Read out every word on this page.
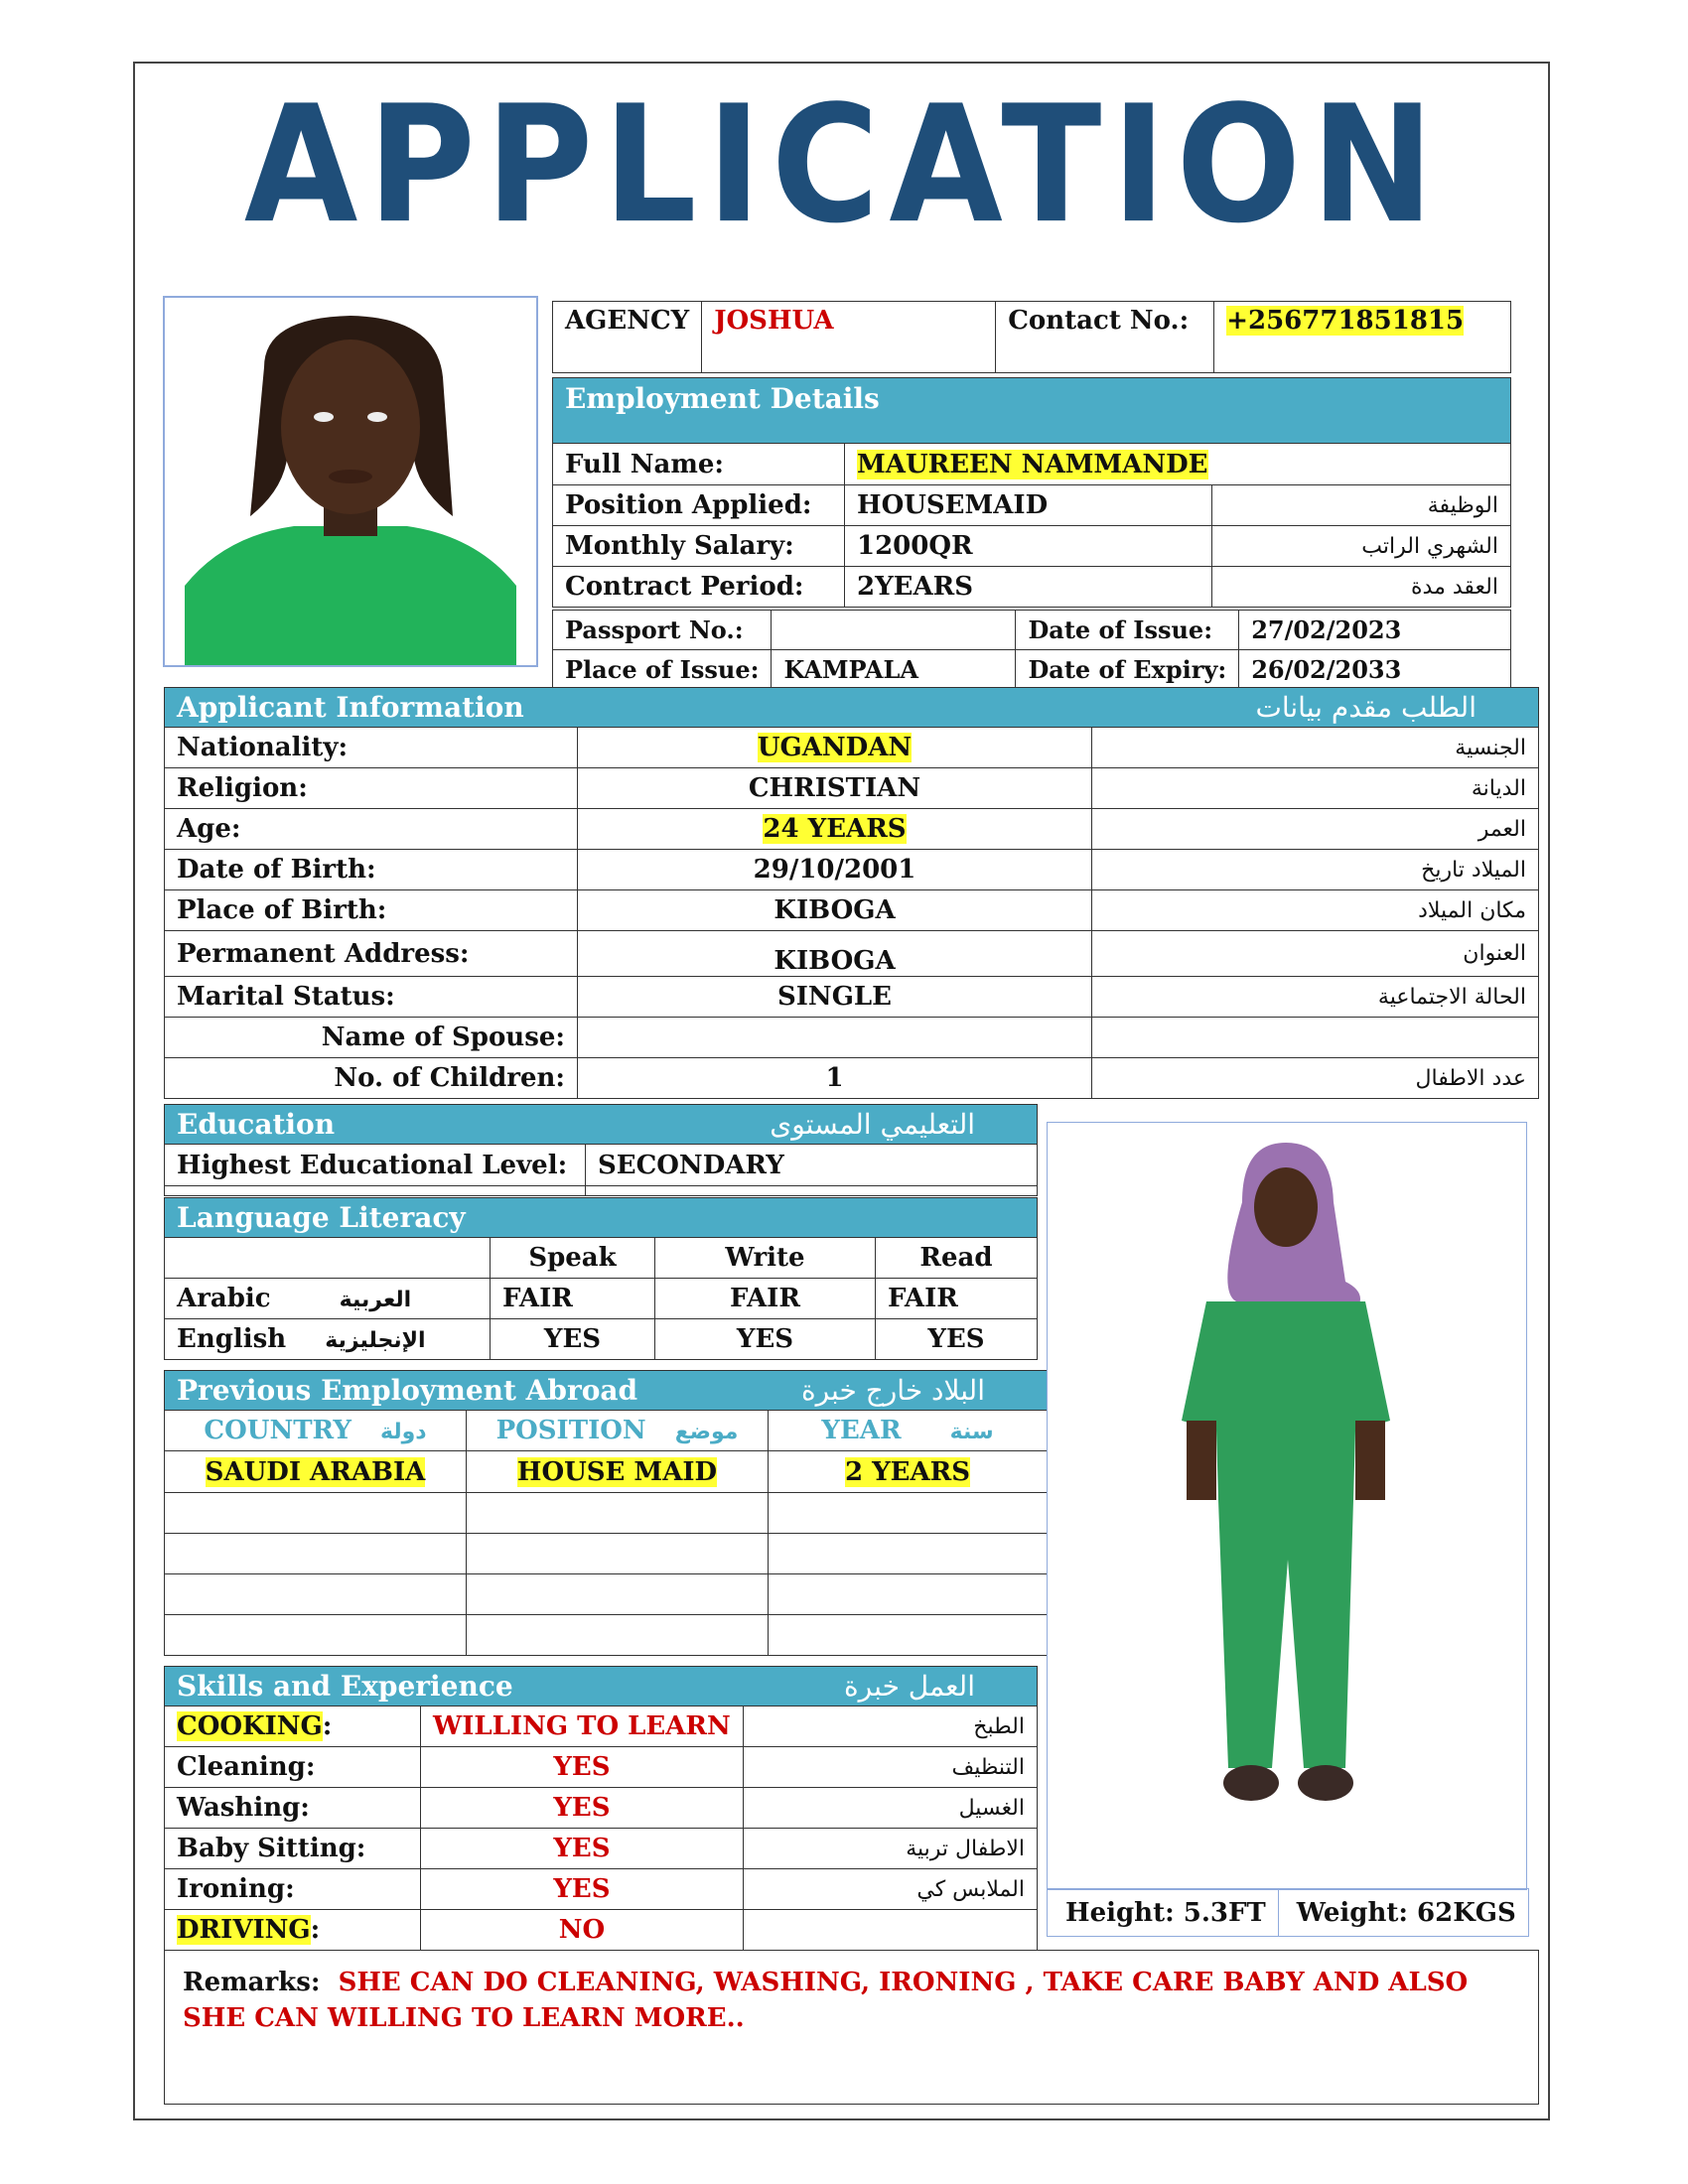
APPLICATION
AGENCY	JOSHUA	Contact No.:	+256771851815
Employment Details		
Full Name:	MAUREEN NAMMANDE	
Position Applied:	HOUSEMAID	الوظيفة
Monthly Salary:	1200QR	الشهري الراتب
Contract Period:	2YEARS	العقد مدة
Passport No.:		Date of Issue:	27/02/2023
Place of Issue:	KAMPALA	Date of Expiry:	26/02/2033
Applicant Information الطلب مقدم بيانات		

Nationality:	UGANDAN	الجنسية
Religion:	CHRISTIAN	الديانة
Age:	24 YEARS	العمر
Date of Birth:	29/10/2001	الميلاد تاريخ
Place of Birth:	KIBOGA	مكان الميلاد
Permanent Address:	KIBOGA	العنوان
Marital Status:	SINGLE	الحالة الاجتماعية
Name of Spouse:		
No. of Children:	1	عدد الاطفال
Education التعليمي المستوى	

Highest Educational Level:	SECONDARY

Language Literacy			
	Speak	Write	Read
Arabic العربية	FAIR	FAIR	FAIR
English الإنجليزية	YES	YES	YES
Previous Employment Abroad البلاد خارج خبرة		

COUNTRY دولة	POSITION موضع	YEAR سنة
SAUDI ARABIA	HOUSE MAID	2 YEARS

Skills and Experience العمل خبرة		

COOKING:	WILLING TO LEARN	الطبخ
Cleaning:	YES	التنظيف
Washing:	YES	الغسيل
Baby Sitting:	YES	الاطفال تربية
Ironing:	YES	الملابس كي
DRIVING:	NO	
Height: 5.3FT	Weight: 62KGS
Remarks:  SHE CAN DO CLEANING, WASHING, IRONING , TAKE CARE BABY AND ALSO SHE CAN WILLING TO LEARN MORE..
